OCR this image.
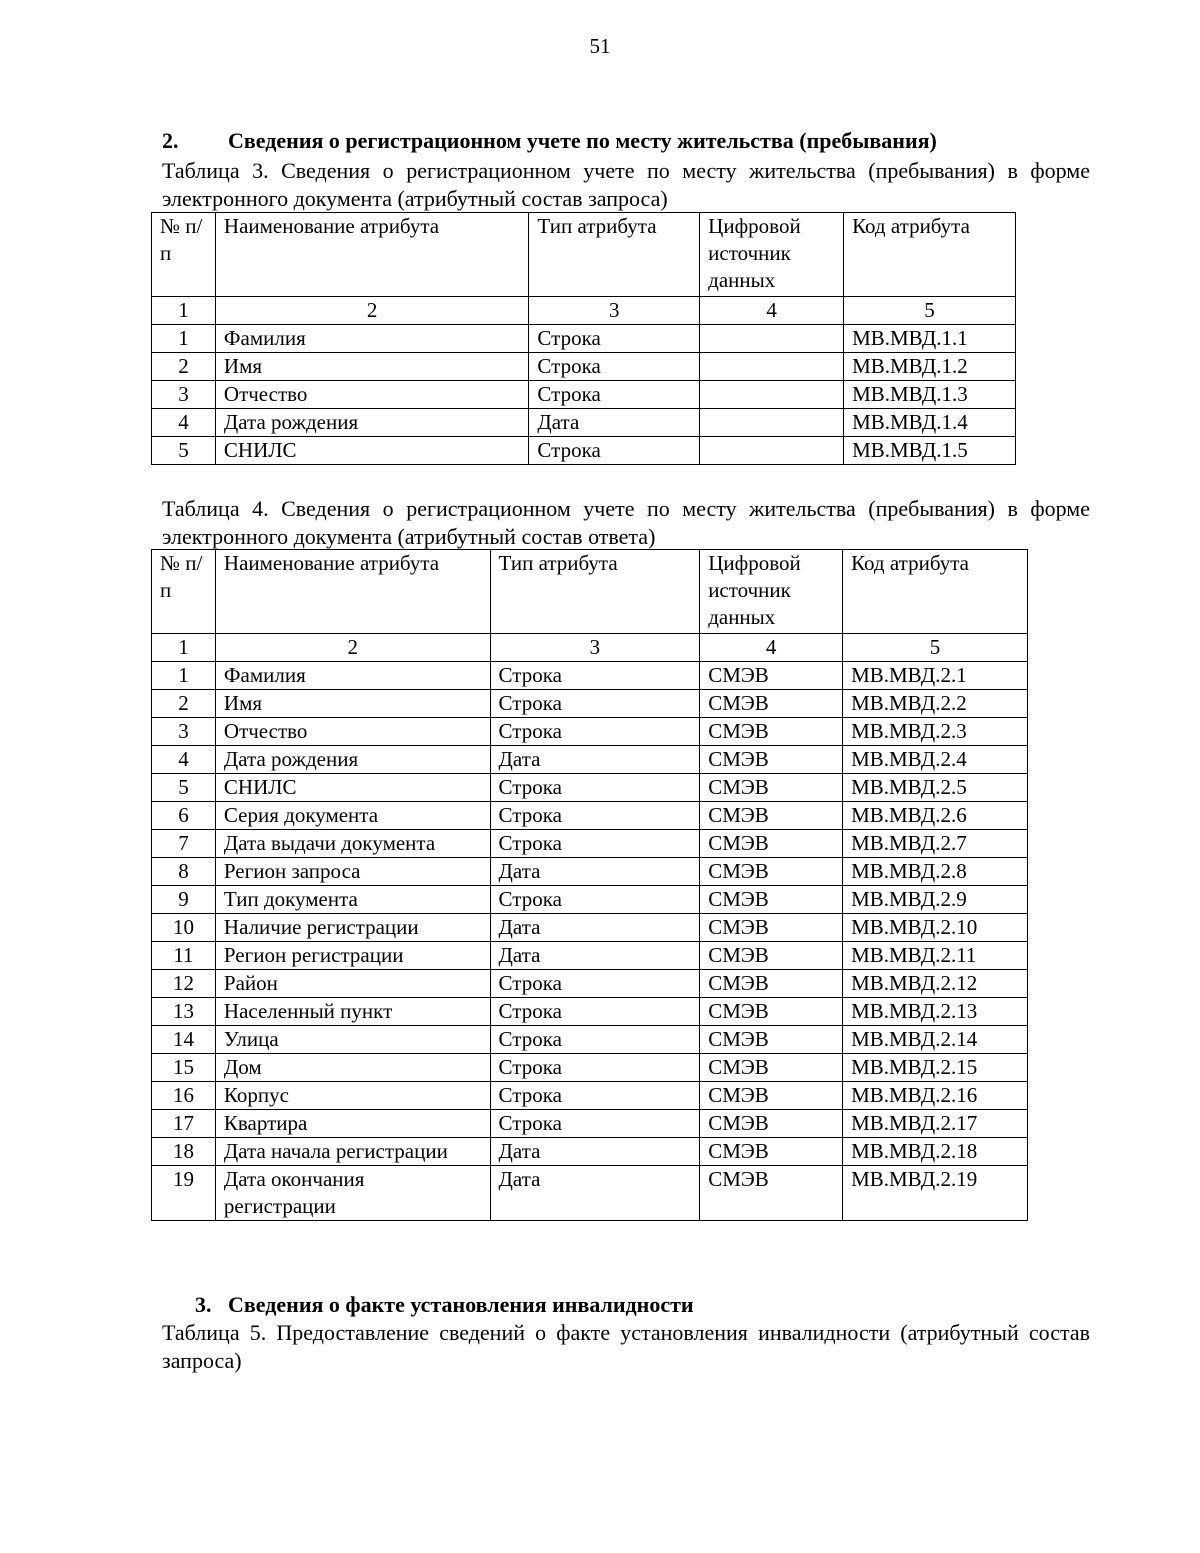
51
2. Сведения о регистрационном учете по месту жительства (пребывания)
Таблица 3. Сведения о регистрационном учете по месту жительства (пребывания) в форме электронного документа (атрибутный состав запроса)
№ п/п	Наименование атрибута	Тип атрибута	Цифровой источник данных	Код атрибута
1	2	3	4	5
1	Фамилия	Строка		МВ.МВД.1.1
2	Имя	Строка		МВ.МВД.1.2
3	Отчество	Строка		МВ.МВД.1.3
4	Дата рождения	Дата		МВ.МВД.1.4
5	СНИЛС	Строка		МВ.МВД.1.5
Таблица 4. Сведения о регистрационном учете по месту жительства (пребывания) в форме электронного документа (атрибутный состав ответа)
№ п/п	Наименование атрибута	Тип атрибута	Цифровой источник данных	Код атрибута
1	2	3	4	5
1	Фамилия	Строка	СМЭВ	МВ.МВД.2.1
2	Имя	Строка	СМЭВ	МВ.МВД.2.2
3	Отчество	Строка	СМЭВ	МВ.МВД.2.3
4	Дата рождения	Дата	СМЭВ	МВ.МВД.2.4
5	СНИЛС	Строка	СМЭВ	МВ.МВД.2.5
6	Серия документа	Строка	СМЭВ	МВ.МВД.2.6
7	Дата выдачи документа	Строка	СМЭВ	МВ.МВД.2.7
8	Регион запроса	Дата	СМЭВ	МВ.МВД.2.8
9	Тип документа	Строка	СМЭВ	МВ.МВД.2.9
10	Наличие регистрации	Дата	СМЭВ	МВ.МВД.2.10
11	Регион регистрации	Дата	СМЭВ	МВ.МВД.2.11
12	Район	Строка	СМЭВ	МВ.МВД.2.12
13	Населенный пункт	Строка	СМЭВ	МВ.МВД.2.13
14	Улица	Строка	СМЭВ	МВ.МВД.2.14
15	Дом	Строка	СМЭВ	МВ.МВД.2.15
16	Корпус	Строка	СМЭВ	МВ.МВД.2.16
17	Квартира	Строка	СМЭВ	МВ.МВД.2.17
18	Дата начала регистрации	Дата	СМЭВ	МВ.МВД.2.18
19	Дата окончания регистрации	Дата	СМЭВ	МВ.МВД.2.19
3. Сведения о факте установления инвалидности
Таблица 5. Предоставление сведений о факте установления инвалидности (атрибутный состав запроса)
